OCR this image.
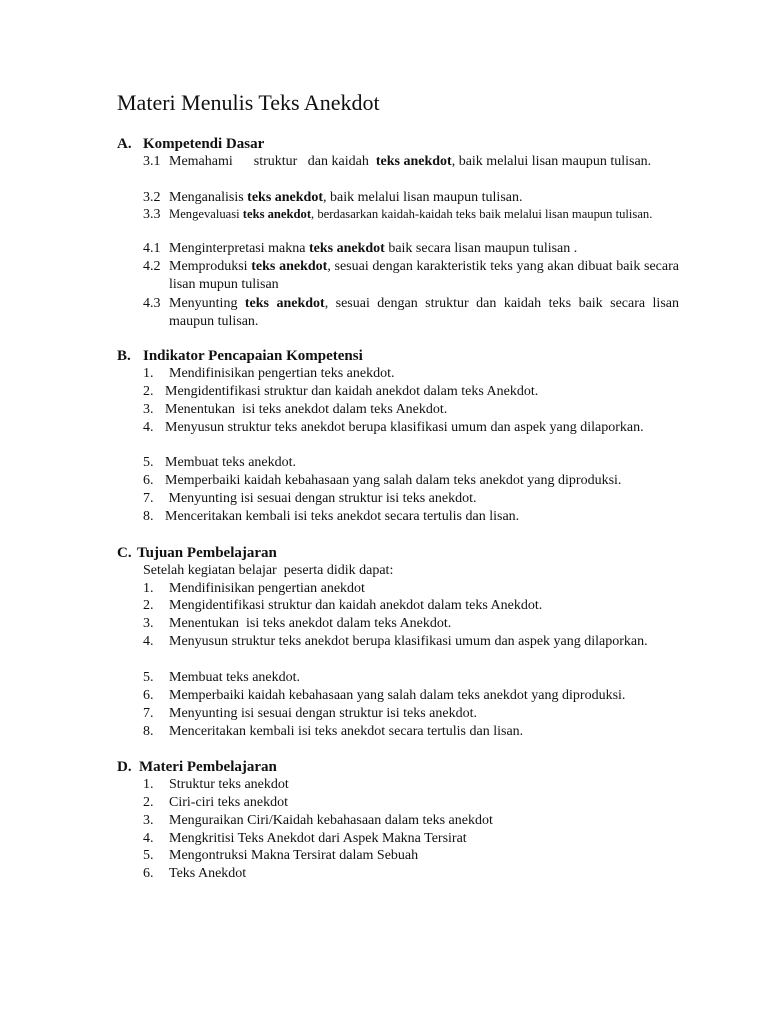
Materi Menulis Teks Anekdot
A. Kompetendi Dasar
3.1 Memahami      struktur   dan kaidah  teks anekdot, baik melalui lisan maupun tulisan.
3.2 Menganalisis teks anekdot, baik melalui lisan maupun tulisan.
3.3 Mengevaluasi teks anekdot, berdasarkan kaidah-kaidah teks baik melalui lisan maupun tulisan.
4.1 Menginterpretasi makna teks anekdot baik secara lisan maupun tulisan .
4.2 Memproduksi teks anekdot, sesuai dengan karakteristik teks yang akan dibuat baik secara lisan mupun tulisan
4.3 Menyunting teks anekdot, sesuai dengan struktur dan kaidah teks baik secara lisan maupun tulisan.
B. Indikator Pencapaian Kompetensi
1.	Mendifinisikan pengertian teks anekdot.
2. Mengidentifikasi struktur dan kaidah anekdot dalam teks Anekdot.
3. Menentukan  isi teks anekdot dalam teks Anekdot.
4. Menyusun struktur teks anekdot berupa klasifikasi umum dan aspek yang dilaporkan.
5. Membuat teks anekdot.
6. Memperbaiki kaidah kebahasaan yang salah dalam teks anekdot yang diproduksi.
7. Menyunting isi sesuai dengan struktur isi teks anekdot.
8. Menceritakan kembali isi teks anekdot secara tertulis dan lisan.
C. Tujuan Pembelajaran
Setelah kegiatan belajar  peserta didik dapat:
1.	Mendifinisikan pengertian anekdot
2.	Mengidentifikasi struktur dan kaidah anekdot dalam teks Anekdot.
3.	Menentukan  isi teks anekdot dalam teks Anekdot.
4.	Menyusun struktur teks anekdot berupa klasifikasi umum dan aspek yang dilaporkan.
5.	Membuat teks anekdot.
6.	Memperbaiki kaidah kebahasaan yang salah dalam teks anekdot yang diproduksi.
7.	Menyunting isi sesuai dengan struktur isi teks anekdot.
8.	Menceritakan kembali isi teks anekdot secara tertulis dan lisan.
D. Materi Pembelajaran
1.	Struktur teks anekdot
2.	Ciri-ciri teks anekdot
3.	Menguraikan Ciri/Kaidah kebahasaan dalam teks anekdot
4.	Mengkritisi Teks Anekdot dari Aspek Makna Tersirat
5.	Mengontruksi Makna Tersirat dalam Sebuah
6.	Teks Anekdot
